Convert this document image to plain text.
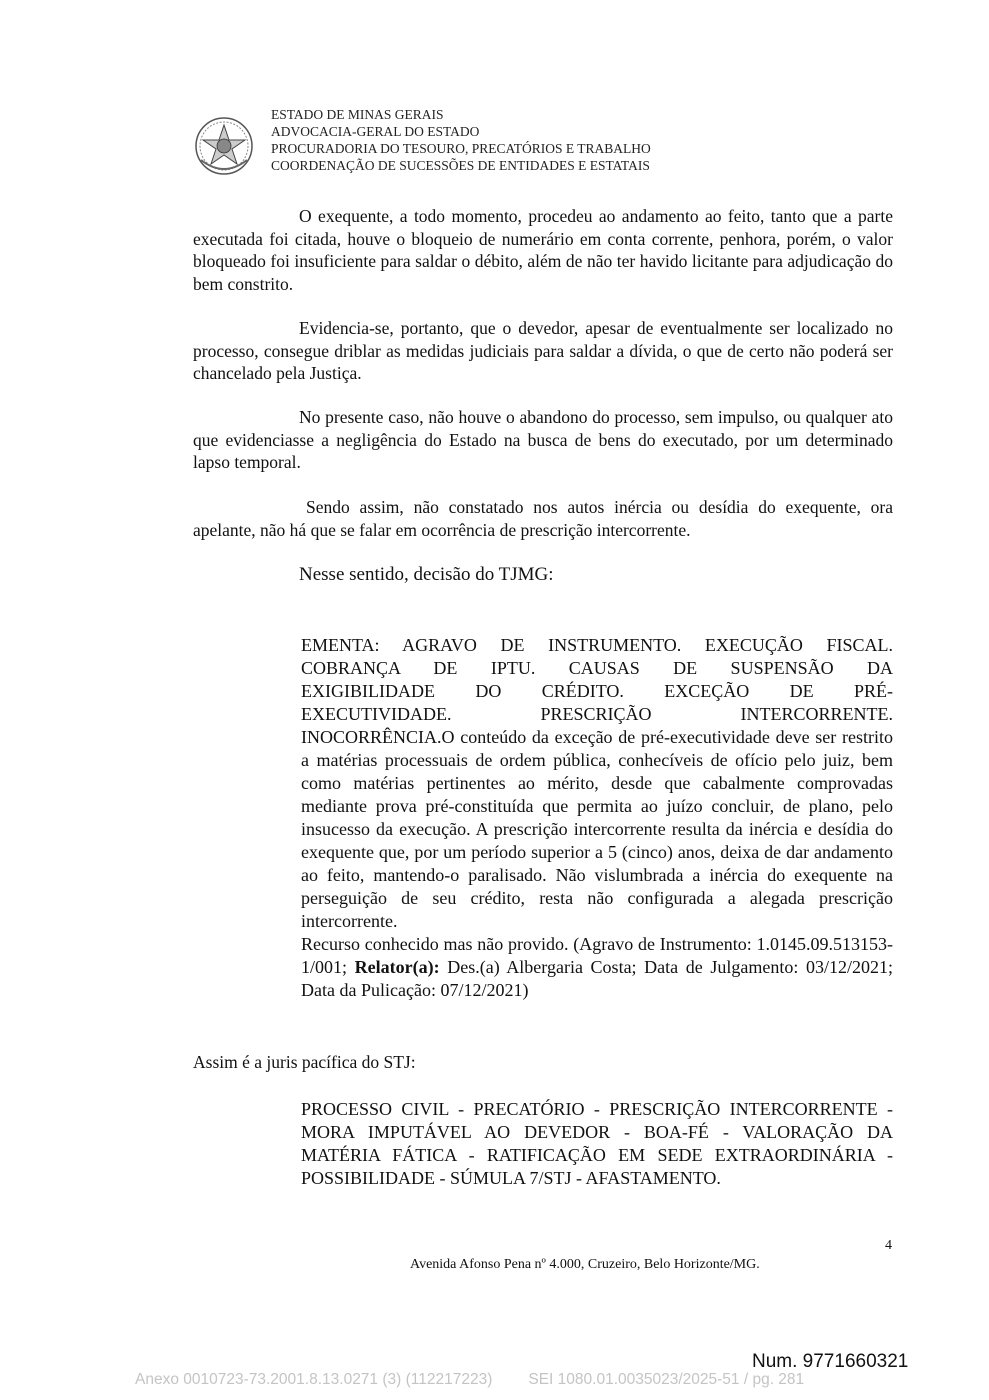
ESTADO DE MINAS GERAIS
ADVOCACIA-GERAL DO ESTADO
PROCURADORIA DO TESOURO, PRECATÓRIOS E TRABALHO
COORDENAÇÃO DE SUCESSÕES DE ENTIDADES E ESTATAIS
O exequente, a todo momento, procedeu ao andamento ao feito, tanto que a parte executada foi citada, houve o bloqueio de numerário em conta corrente, penhora, porém, o valor bloqueado foi insuficiente para saldar o débito, além de não ter havido licitante para adjudicação do bem constrito.
Evidencia-se, portanto, que o devedor, apesar de eventualmente ser localizado no processo, consegue driblar as medidas judiciais para saldar a dívida, o que de certo não poderá ser chancelado pela Justiça.
No presente caso, não houve o abandono do processo, sem impulso, ou qualquer ato que evidenciasse a negligência do Estado na busca de bens do executado, por um determinado lapso temporal.
Sendo assim, não constatado nos autos inércia ou desídia do exequente, ora apelante, não há que se falar em ocorrência de prescrição intercorrente.
Nesse sentido, decisão do TJMG:
EMENTA: AGRAVO DE INSTRUMENTO. EXECUÇÃO FISCAL.
COBRANÇA DE IPTU. CAUSAS DE SUSPENSÃO DA
EXIGIBILIDADE DO CRÉDITO. EXCEÇÃO DE PRÉ-
EXECUTIVIDADE. PRESCRIÇÃO INTERCORRENTE.

INOCORRÊNCIA.O conteúdo da exceção de pré-executividade deve ser restrito a matérias processuais de ordem pública, conhecíveis de ofício pelo juiz, bem como matérias pertinentes ao mérito, desde que cabalmente comprovadas mediante prova pré-constituída que permita ao juízo concluir, de plano, pelo insucesso da execução. A prescrição intercorrente resulta da inércia e desídia do exequente que, por um período superior a 5 (cinco) anos, deixa de dar andamento ao feito, mantendo-o paralisado. Não vislumbrada a inércia do exequente na perseguição de seu crédito, resta não configurada a alegada prescrição intercorrente.

Recurso conhecido mas não provido. (Agravo de Instrumento: 1.0145.09.513153-1/001; Relator(a): Des.(a) Albergaria Costa; Data de Julgamento: 03/12/2021; Data da Pulicação: 07/12/2021)

Assim é a juris pacífica do STJ:

PROCESSO CIVIL - PRECATÓRIO - PRESCRIÇÃO INTERCORRENTE - MORA IMPUTÁVEL AO DEVEDOR - BOA-FÉ - VALORAÇÃO DA MATÉRIA FÁTICA - RATIFICAÇÃO EM SEDE EXTRAORDINÁRIA - POSSIBILIDADE - SÚMULA 7/STJ - AFASTAMENTO.

4
Avenida Afonso Pena nº 4.000, Cruzeiro, Belo Horizonte/MG.
Num. 9771660321
Anexo 0010723-73.2001.8.13.0271 (3) (112217223) SEI 1080.01.0035023/2025-51 / pg. 281
